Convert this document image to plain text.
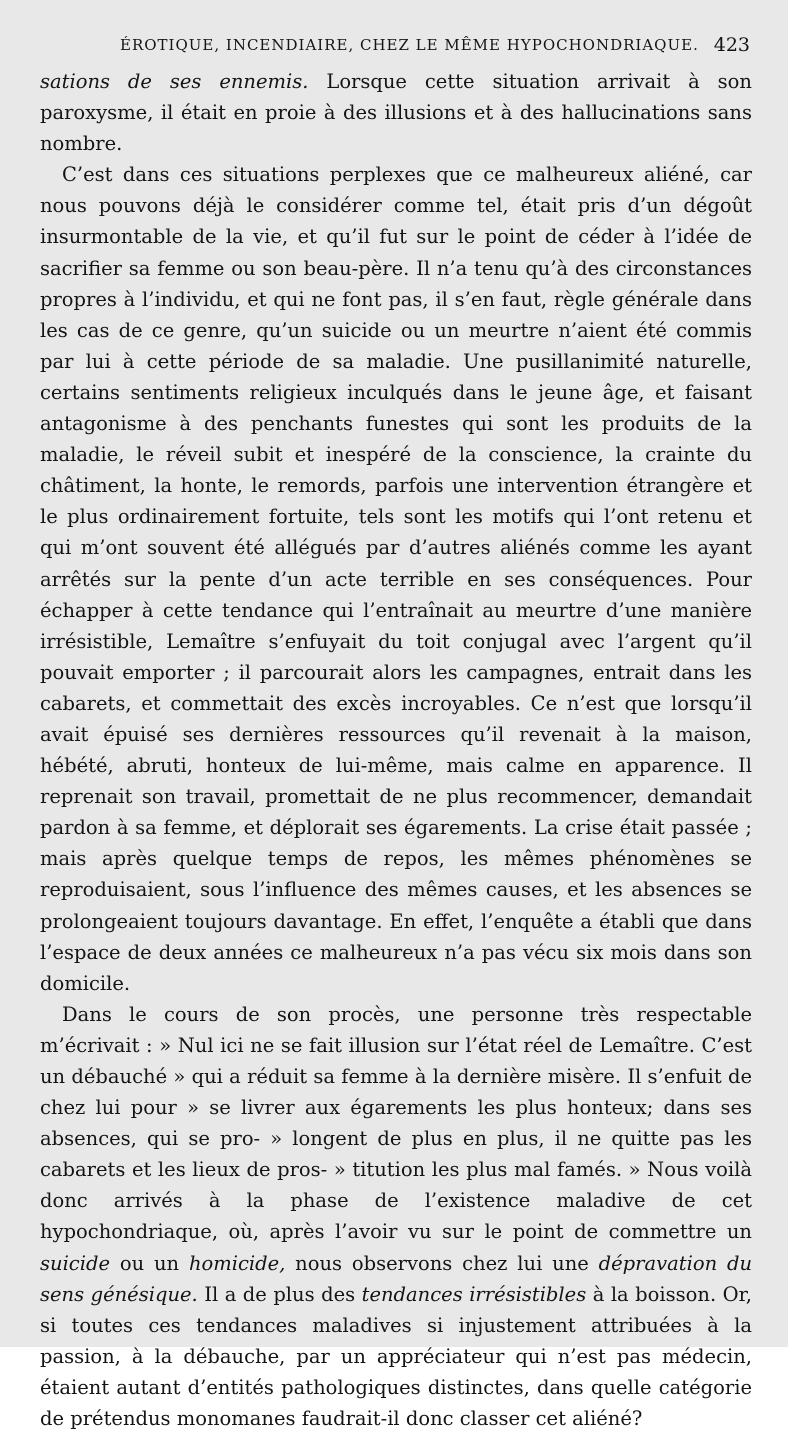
ÉROTIQUE, INCENDIAIRE, CHEZ LE MÊME HYPOCHONDRIAQUE. 423

sations de ses ennemis. Lorsque cette situation arrivait à son paroxysme, il était en proie à des illusions et à des hallucinations sans nombre.

C’est dans ces situations perplexes que ce malheureux aliéné, car nous pouvons déjà le considérer comme tel, était pris d’un dégoût insurmontable de la vie, et qu’il fut sur le point de céder à l’idée de sacrifier sa femme ou son beau-père. Il n’a tenu qu’à des circonstances propres à l’individu, et qui ne font pas, il s’en faut, règle générale dans les cas de ce genre, qu’un suicide ou un meurtre n’aient été commis par lui à cette période de sa maladie. Une pusillanimité naturelle, certains sentiments religieux inculqués dans le jeune âge, et faisant antagonisme à des penchants funestes qui sont les produits de la maladie, le réveil subit et inespéré de la conscience, la crainte du châtiment, la honte, le remords, parfois une intervention étrangère et le plus ordinairement fortuite, tels sont les motifs qui l’ont retenu et qui m’ont souvent été allégués par d’autres aliénés comme les ayant arrêtés sur la pente d’un acte terrible en ses conséquences. Pour échapper à cette tendance qui l’entraînait au meurtre d’une manière irrésistible, Lemaître s’enfuyait du toit conjugal avec l’argent qu’il pouvait emporter ; il parcourait alors les campagnes, entrait dans les cabarets, et commettait des excès incroyables. Ce n’est que lorsqu’il avait épuisé ses dernières ressources qu’il revenait à la maison, hébété, abruti, honteux de lui-même, mais calme en apparence. Il reprenait son travail, promettait de ne plus recommencer, demandait pardon à sa femme, et déplorait ses égarements. La crise était passée ; mais après quelque temps de repos, les mêmes phénomènes se reproduisaient, sous l’influence des mêmes causes, et les absences se prolongeaient toujours davantage. En effet, l’enquête a établi que dans l’espace de deux années ce malheureux n’a pas vécu six mois dans son domicile.

Dans le cours de son procès, une personne très respectable m’écrivait : » Nul ici ne se fait illusion sur l’état réel de Lemaître. C’est un débauché » qui a réduit sa femme à la dernière misère. Il s’enfuit de chez lui pour » se livrer aux égarements les plus honteux; dans ses absences, qui se pro- » longent de plus en plus, il ne quitte pas les cabarets et les lieux de pros- » titution les plus mal famés. » Nous voilà donc arrivés à la phase de l’existence maladive de cet hypochondriaque, où, après l’avoir vu sur le point de commettre un suicide ou un homicide, nous observons chez lui une dépravation du sens génésique. Il a de plus des tendances irrésistibles à la boisson. Or, si toutes ces tendances maladives si injustement attribuées à la passion, à la débauche, par un appréciateur qui n’est pas médecin, étaient autant d’entités pathologiques distinctes, dans quelle catégorie de prétendus monomanes faudrait-il donc classer cet aliéné?
